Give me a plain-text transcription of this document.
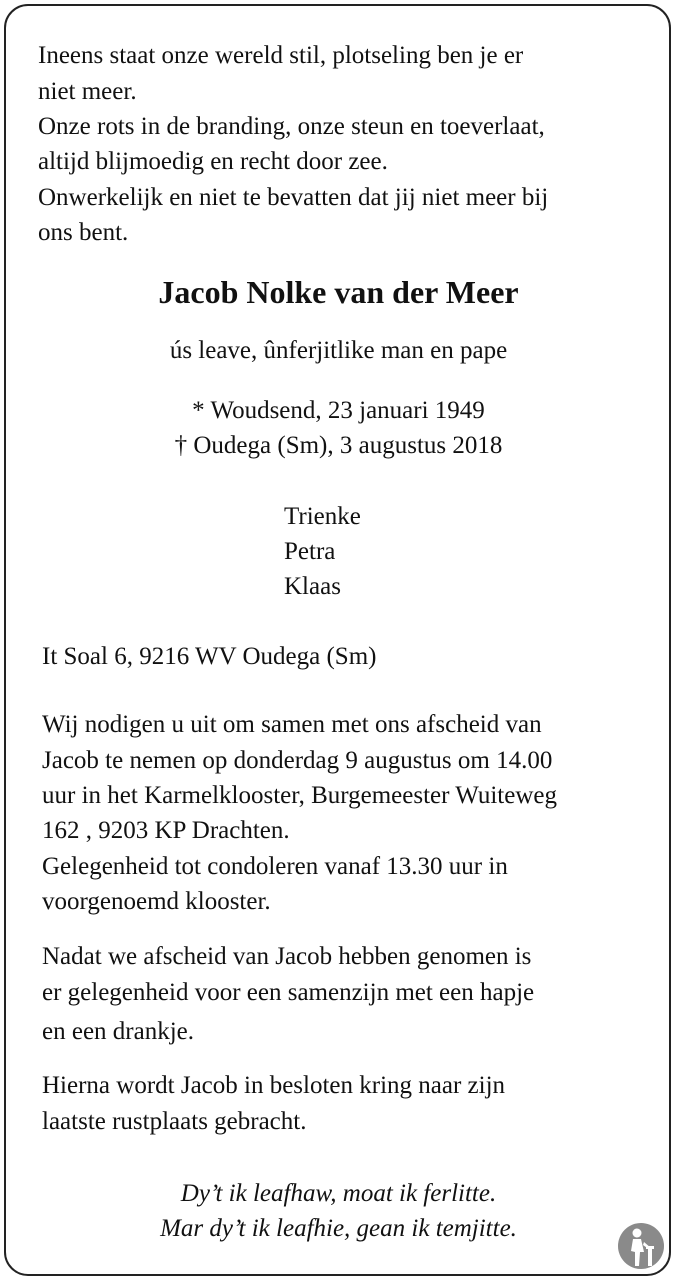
Ineens staat onze wereld stil, plotseling ben je er
niet meer.
Onze rots in de branding, onze steun en toeverlaat,
altijd blijmoedig en recht door zee.
Onwerkelijk en niet te bevatten dat jij niet meer bij
ons bent.
Jacob Nolke van der Meer
ús leave, ûnferjitlike man en pape
* Woudsend, 23 januari 1949
† Oudega (Sm), 3 augustus 2018
Trienke
Petra
Klaas
It Soal 6, 9216 WV Oudega (Sm)
Wij nodigen u uit om samen met ons afscheid van
Jacob te nemen op donderdag 9 augustus om 14.00
uur in het Karmelklooster, Burgemeester Wuiteweg
162 , 9203 KP Drachten.
Gelegenheid tot condoleren vanaf 13.30 uur in
voorgenoemd klooster.
Nadat we afscheid van Jacob hebben genomen is
er gelegenheid voor een samenzijn met een hapje
en een drankje.
Hierna wordt Jacob in besloten kring naar zijn
laatste rustplaats gebracht.
Dy’t ik leafhaw, moat ik ferlitte.
Mar dy’t ik leafhie, gean ik temjitte.
